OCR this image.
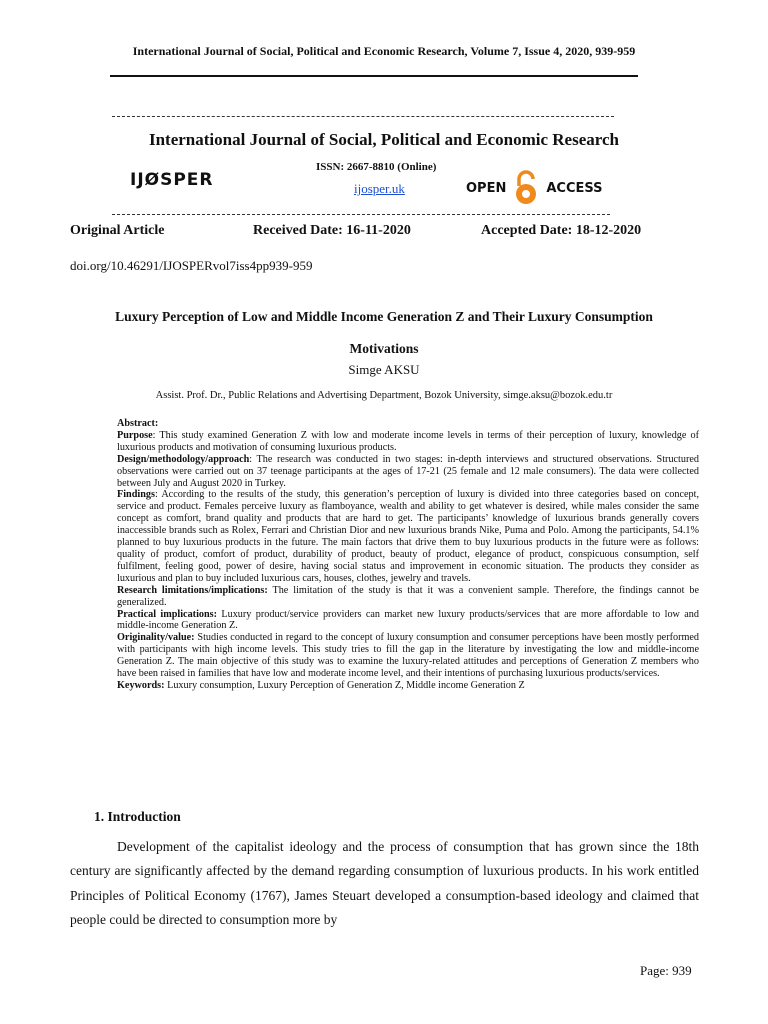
International Journal of Social, Political and Economic Research, Volume 7, Issue 4, 2020, 939-959
International Journal of Social, Political and Economic Research
IJØSPER
ISSN: 2667-8810 (Online)
ijosper.uk	OPEN	ACCESS
Original Article	Received Date: 16-11-2020	Accepted Date: 18-12-2020
doi.org/10.46291/IJOSPERvol7iss4pp939-959
Luxury Perception of Low and Middle Income Generation Z and Their Luxury Consumption Motivations
Simge AKSU
Assist. Prof. Dr., Public Relations and Advertising Department, Bozok University, simge.aksu@bozok.edu.tr

Abstract:

Purpose: This study examined Generation Z with low and moderate income levels in terms of their perception of luxury, knowledge of luxurious products and motivation of consuming luxurious products.

Design/methodology/approach: The research was conducted in two stages: in-depth interviews and structured observations. Structured observations were carried out on 37 teenage participants at the ages of 17-21 (25 female and 12 male consumers). The data were collected between July and August 2020 in Turkey.

Findings: According to the results of the study, this generation’s perception of luxury is divided into three categories based on concept, service and product. Females perceive luxury as flamboyance, wealth and ability to get whatever is desired, while males consider the same concept as comfort, brand quality and products that are hard to get. The participants’ knowledge of luxurious brands generally covers inaccessible brands such as Rolex, Ferrari and Christian Dior and new luxurious brands Nike, Puma and Polo. Among the participants, 54.1% planned to buy luxurious products in the future. The main factors that drive them to buy luxurious products in the future were as follows: quality of product, comfort of product, durability of product, beauty of product, elegance of product, conspicuous consumption, self fulfilment, feeling good, power of desire, having social status and improvement in economic situation. The products they consider as luxurious and plan to buy included luxurious cars, houses, clothes, jewelry and travels.

Research limitations/implications: The limitation of the study is that it was a convenient sample. Therefore, the findings cannot be generalized.

Practical implications: Luxury product/service providers can market new luxury products/services that are more affordable to low and middle-income Generation Z.

Originality/value: Studies conducted in regard to the concept of luxury consumption and consumer perceptions have been mostly performed with participants with high income levels. This study tries to fill the gap in the literature by investigating the low and middle-income Generation Z. The main objective of this study was to examine the luxury-related attitudes and perceptions of Generation Z members who have been raised in families that have low and moderate income level, and their intentions of purchasing luxurious products/services.

Keywords: Luxury consumption, Luxury Perception of Generation Z, Middle income Generation Z

1. Introduction
Development of the capitalist ideology and the process of consumption that has grown since the 18th century are significantly affected by the demand regarding consumption of luxurious products. In his work entitled Principles of Political Economy (1767), James Steuart developed a consumption-based ideology and claimed that people could be directed to consumption more by
Page: 939
